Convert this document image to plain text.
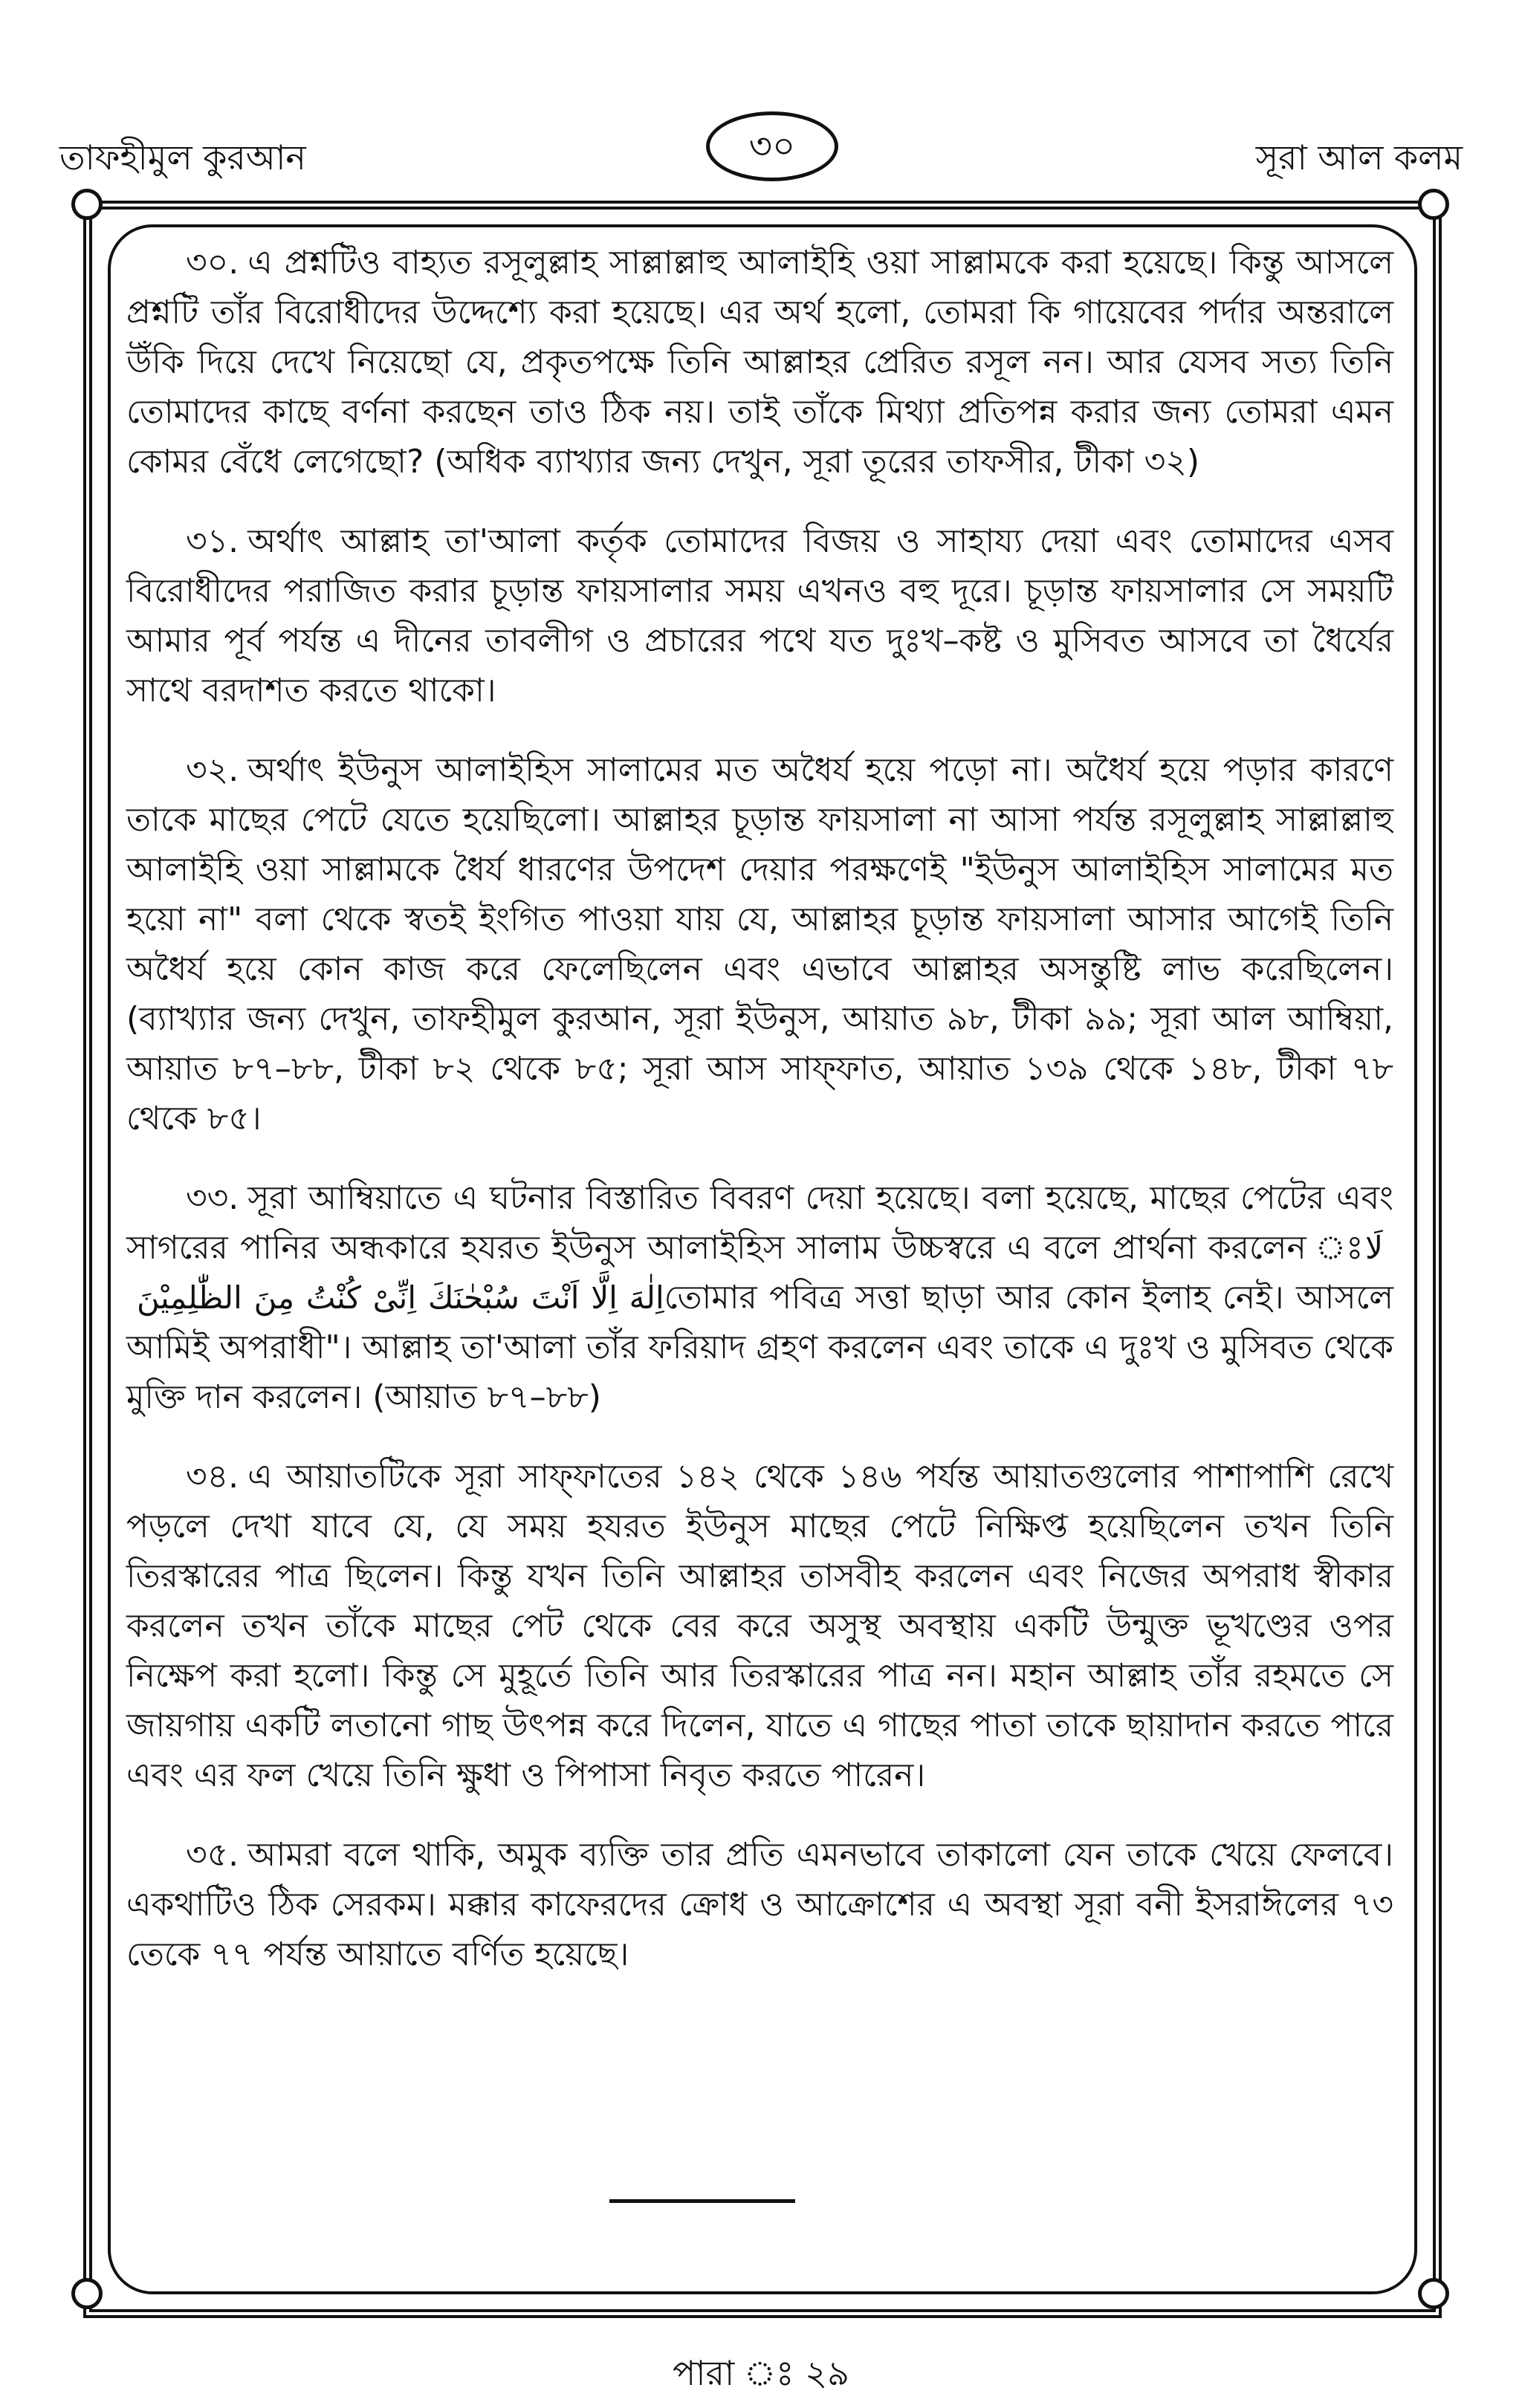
তাফহীমুল কুরআন	৩০	সূরা আল কলম

৩০. এ প্রশ্নটিও বাহ্যত রসূলুল্লাহ সাল্লাল্লাহু আলাইহি ওয়া সাল্লামকে করা হয়েছে। কিন্তু আসলে প্রশ্নটি তাঁর বিরোধীদের উদ্দেশ্যে করা হয়েছে। এর অর্থ হলো, তোমরা কি গায়েবের পর্দার অন্তরালে উঁকি দিয়ে দেখে নিয়েছো যে, প্রকৃতপক্ষে তিনি আল্লাহর প্রেরিত রসূল নন। আর যেসব সত্য তিনি তোমাদের কাছে বর্ণনা করছেন তাও ঠিক নয়। তাই তাঁকে মিথ্যা প্রতিপন্ন করার জন্য তোমরা এমন কোমর বেঁধে লেগেছো? (অধিক ব্যাখ্যার জন্য দেখুন, সূরা তূরের তাফসীর, টীকা ৩২)

৩১. অর্থাৎ আল্লাহ তা'আলা কর্তৃক তোমাদের বিজয় ও সাহায্য দেয়া এবং তোমাদের এসব বিরোধীদের পরাজিত করার চূড়ান্ত ফায়সালার সময় এখনও বহু দূরে। চূড়ান্ত ফায়সালার সে সময়টি আমার পূর্ব পর্যন্ত এ দীনের তাবলীগ ও প্রচারের পথে যত দুঃখ–কষ্ট ও মুসিবত আসবে তা ধৈর্যের সাথে বরদাশত করতে থাকো।

৩২. অর্থাৎ ইউনুস আলাইহিস সালামের মত অধৈর্য হয়ে পড়ো না। অধৈর্য হয়ে পড়ার কারণে তাকে মাছের পেটে যেতে হয়েছিলো। আল্লাহর চূড়ান্ত ফায়সালা না আসা পর্যন্ত রসূলুল্লাহ সাল্লাল্লাহু আলাইহি ওয়া সাল্লামকে ধৈর্য ধারণের উপদেশ দেয়ার পরক্ষণেই "ইউনুস আলাইহিস সালামের মত হয়ো না" বলা থেকে স্বতই ইংগিত পাওয়া যায় যে, আল্লাহর চূড়ান্ত ফায়সালা আসার আগেই তিনি অধৈর্য হয়ে কোন কাজ করে ফেলেছিলেন এবং এভাবে আল্লাহর অসন্তুষ্টি লাভ করেছিলেন। (ব্যাখ্যার জন্য দেখুন, তাফহীমুল কুরআন, সূরা ইউনুস, আয়াত ৯৮, টীকা ৯৯; সূরা আল আম্বিয়া, আয়াত ৮৭–৮৮, টীকা ৮২ থেকে ৮৫; সূরা আস সাফ্‌ফাত, আয়াত ১৩৯ থেকে ১৪৮, টীকা ৭৮ থেকে ৮৫।

৩৩. সূরা আম্বিয়াতে এ ঘটনার বিস্তারিত বিবরণ দেয়া হয়েছে। বলা হয়েছে, মাছের পেটের এবং সাগরের পানির অন্ধকারে হযরত ইউনুস আলাইহিস সালাম উচ্চস্বরে এ বলে প্রার্থনা করলেন ঃلَا اِلٰهَ اِلَّا اَنْتَ سُبْحٰنَكَ اِنِّىْ كُنْتُ مِنَ الظّٰلِمِيْنَতোমার পবিত্র সত্তা ছাড়া আর কোন ইলাহ নেই। আসলে আমিই অপরাধী"। আল্লাহ তা'আলা তাঁর ফরিয়াদ গ্রহণ করলেন এবং তাকে এ দুঃখ ও মুসিবত থেকে মুক্তি দান করলেন। (আয়াত ৮৭–৮৮)

৩৪. এ আয়াতটিকে সূরা সাফ্‌ফাতের ১৪২ থেকে ১৪৬ পর্যন্ত আয়াতগুলোর পাশাপাশি রেখে পড়লে দেখা যাবে যে, যে সময় হযরত ইউনুস মাছের পেটে নিক্ষিপ্ত হয়েছিলেন তখন তিনি তিরস্কারের পাত্র ছিলেন। কিন্তু যখন তিনি আল্লাহর তাসবীহ করলেন এবং নিজের অপরাধ স্বীকার করলেন তখন তাঁকে মাছের পেট থেকে বের করে অসুস্থ অবস্থায় একটি উন্মুক্ত ভূখণ্ডের ওপর নিক্ষেপ করা হলো। কিন্তু সে মুহূর্তে তিনি আর তিরস্কারের পাত্র নন। মহান আল্লাহ তাঁর রহমতে সে জায়গায় একটি লতানো গাছ উৎপন্ন করে দিলেন, যাতে এ গাছের পাতা তাকে ছায়াদান করতে পারে এবং এর ফল খেয়ে তিনি ক্ষুধা ও পিপাসা নিবৃত করতে পারেন।

৩৫. আমরা বলে থাকি, অমুক ব্যক্তি তার প্রতি এমনভাবে তাকালো যেন তাকে খেয়ে ফেলবে। একথাটিও ঠিক সেরকম। মক্কার কাফেরদের ক্রোধ ও আক্রোশের এ অবস্থা সূরা বনী ইসরাঈলের ৭৩ তেকে ৭৭ পর্যন্ত আয়াতে বর্ণিত হয়েছে।

পারা ঃ ২৯
